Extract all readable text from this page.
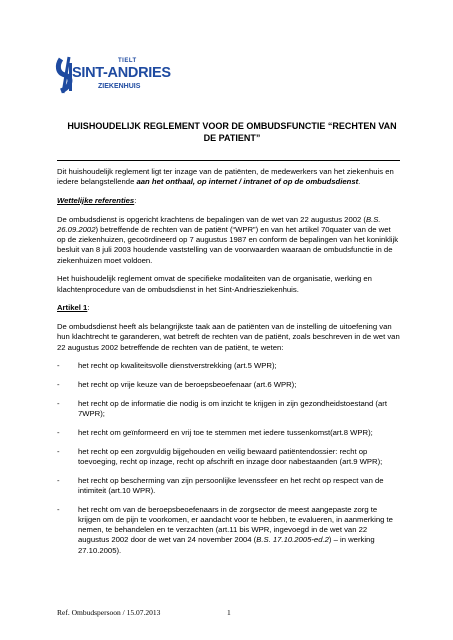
TIELT
SINT-ANDRIES
ZIEKENHUIS
HUISHOUDELIJK REGLEMENT VOOR DE OMBUDSFUNCTIE “RECHTEN VAN DE PATIENT”

Dit huishoudelijk reglement ligt ter inzage van de patiënten, de medewerkers van het ziekenhuis en iedere belangstellende aan het onthaal, op internet / intranet of op de ombudsdienst.

Wettelijke referenties:

De ombudsdienst is opgericht krachtens de bepalingen van de wet van 22 augustus 2002 (B.S. 26.09.2002) betreffende de rechten van de patiënt (“WPR”) en van het artikel 70quater van de wet op de ziekenhuizen, gecoördineerd op 7 augustus 1987 en conform de bepalingen van het koninklijk besluit van 8 juli 2003 houdende vaststelling van de voorwaarden waaraan de ombudsfunctie in de ziekenhuizen moet voldoen.

Het huishoudelijk reglement omvat de specifieke modaliteiten van de organisatie, werking en klachtenprocedure van de ombudsdienst in het Sint-Andriesziekenhuis.

Artikel 1:

De ombudsdienst heeft als belangrijkste taak aan de patiënten van de instelling de uitoefening van hun klachtrecht te garanderen, wat betreft de rechten van de patiënt, zoals beschreven in de wet van 22 augustus 2002 betreffende de rechten van de patiënt, te weten:

-	het recht op kwaliteitsvolle dienstverstrekking (art.5 WPR);
-	het recht op vrije keuze van de beroepsbeoefenaar (art.6 WPR);
-	het recht op de informatie die nodig is om inzicht te krijgen in zijn gezondheidstoestand (art 7WPR);
-	het recht om geïnformeerd en vrij toe te stemmen met iedere tussenkomst(art.8 WPR);
-	het recht op een zorgvuldig bijgehouden en veilig bewaard patiëntendossier: recht op toevoeging, recht op inzage, recht op afschrift en inzage door nabestaanden (art.9 WPR);
-	het recht op bescherming van zijn persoonlijke levenssfeer en het recht op respect van de intimiteit (art.10 WPR).
-	het recht om van de beroepsbeoefenaars in de zorgsector de meest aangepaste zorg te krijgen om de pijn te voorkomen, er aandacht voor te hebben, te evalueren, in aanmerking te nemen, te behandelen en te verzachten (art.11 bis WPR, ingevoegd in de wet van 22 augustus 2002 door de wet van 24 november 2004 (B.S. 17.10.2005-ed.2) – in werking 27.10.2005).
Ref. Ombudspersoon / 15.07.2013	1
